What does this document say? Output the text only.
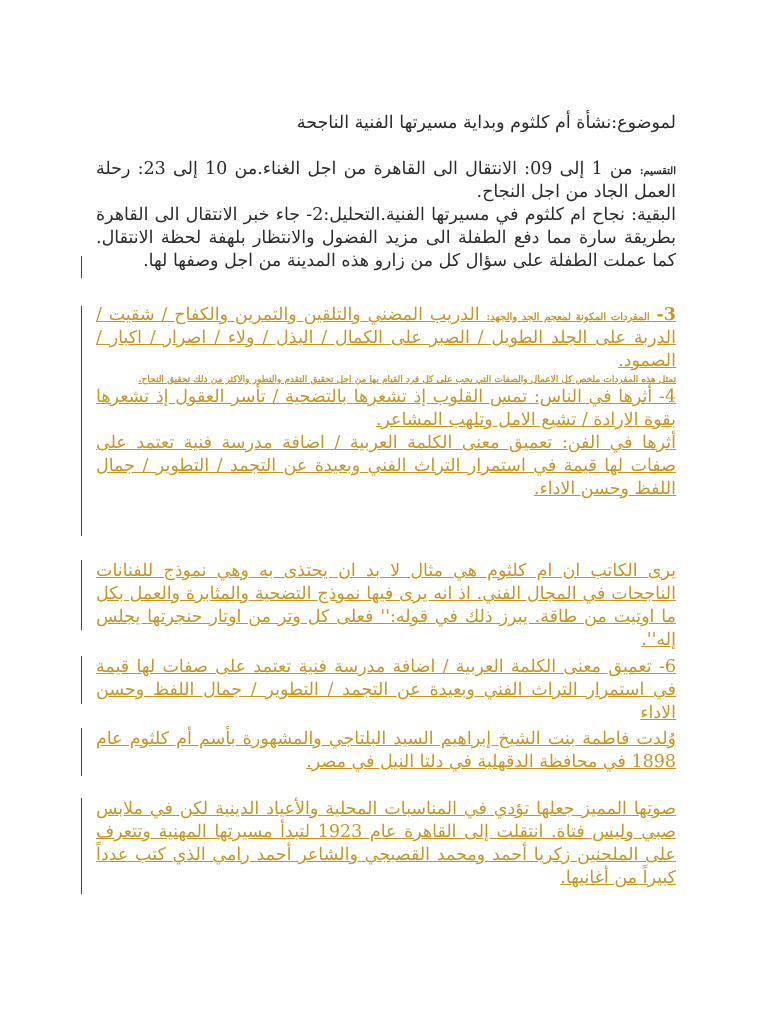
لموضوع:نشأة أم كلثوم وبداية مسيرتها الفنية الناجحة

التقسيم: من 1 إلى 09: الانتقال الى القاهرة من اجل الغناء.من 10 إلى 23: رحلة العمل الجاد من اجل النجاح.

البقية: نجاح ام كلثوم في مسيرتها الفنية.التحليل:2- جاء خبر الانتقال الى القاهرة بطريقة سارة مما دفع الطفلة الى مزيد الفضول والانتظار بلهفة لحظة الانتقال. كما عملت الطفلة على سؤال كل من زارو هذه المدينة من اجل وصفها لها.

3- المفردات المكونة لمعجم الجد والجهد: الدريب المضني والتلقين والتمرين والكفاح / شقيت / الدربة على الجلد الطويل / الصبر على الكمال / البذل / ولاء / اصرار / اكبار / الصمود.

تمثل هذه المفردات ملخص كل الاعمال والصفات التي يجب على كل فرد القيام بها من اجل تحقيق التقدم والتطور والاكثر من ذلك تحقيق النجاح.

4- أثرها في الناس: تمس القلوب إذ تشعرها بالتضحية / تأسر العقول إذ تشعرها بقوة الارادة / تشيع الامل وتلهب المشاعر.

أثرها في الفن: تعميق معنى الكلمة العربية / اضافة مدرسة فنية تعتمد على صفات لها قيمة في استمرار التراث الفني وبعيدة عن التجمد / التطوير / جمال اللفظ وحسن الاداء.

يرى الكاتب ان ام كلثوم هي مثال لا بد ان يحتذى به وهي نموذج للفنانات الناجحات في المجال الفني. اذ انه يرى فيها نموذج التضحية والمثابرة والعمل بكل ما اوتيت من طاقة. يبرز ذلك في قوله:'' فعلى كل وتر من اوتار حنجرتها يجلس إله''.

6- تعميق معنى الكلمة العربية / اضافة مدرسة فنية تعتمد على صفات لها قيمة في استمرار التراث الفني وبعيدة عن التجمد / التطوير / جمال اللفظ وحسن الاداء

وُلدت فاطمة بنت الشيخ إبراهيم السيد البلتاجي والمشهورة بأسم أم كلثوم عام 1898 في محافظة الدقهلية في دلتا النيل في مصر.

صوتها المميز جعلها تؤدي في المناسبات المحلية والأعياد الدينية لكن في ملابس صبي وليس فتاة. انتقلت إلى القاهرة عام 1923 لتبدأ مسيرتها المهنية وتتعرف على الملحنين زكريا أحمد ومحمد القصبجي والشاعر أحمد رامي الذي كتب عدداً كبيراً من أغانيها.
